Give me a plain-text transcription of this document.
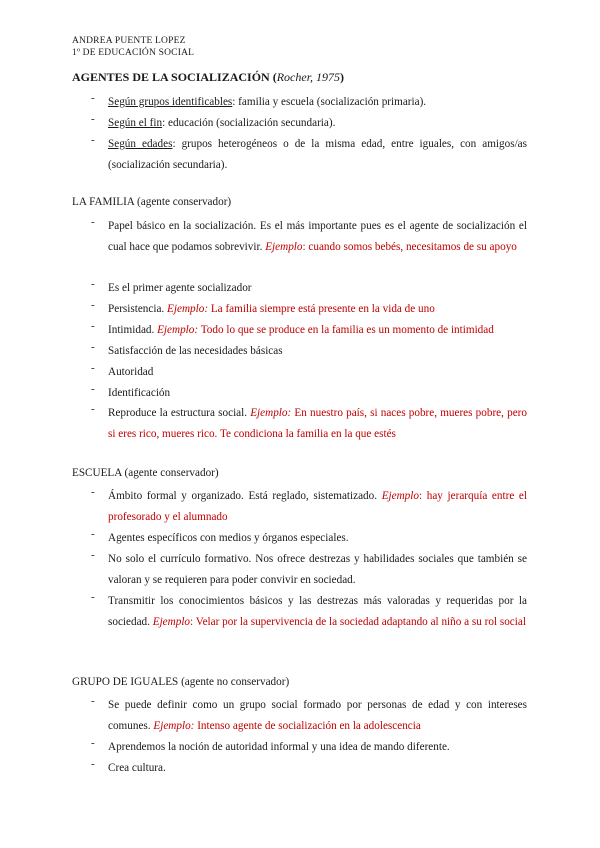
ANDREA PUENTE LOPEZ
1º DE EDUCACIÓN SOCIAL
AGENTES DE LA SOCIALIZACIÓN (Rocher, 1975)
- Según grupos identificables: familia y escuela (socialización primaria).
- Según el fin: educación (socialización secundaria).
- Según edades: grupos heterogéneos o de la misma edad, entre iguales, con amigos/as (socialización secundaria).
LA FAMILIA (agente conservador)
- Papel básico en la socialización. Es el más importante pues es el agente de socialización el cual hace que podamos sobrevivir. Ejemplo: cuando somos bebés, necesitamos de su apoyo
- Es el primer agente socializador
- Persistencia. Ejemplo: La familia siempre está presente en la vida de uno
- Intimidad. Ejemplo: Todo lo que se produce en la familia es un momento de intimidad
- Satisfacción de las necesidades básicas
- Autoridad
- Identificación
- Reproduce la estructura social. Ejemplo: En nuestro país, si naces pobre, mueres pobre, pero si eres rico, mueres rico. Te condiciona la familia en la que estés
ESCUELA (agente conservador)
- Ámbito formal y organizado. Está reglado, sistematizado. Ejemplo: hay jerarquía entre el profesorado y el alumnado
- Agentes específicos con medios y órganos especiales.
- No solo el currículo formativo. Nos ofrece destrezas y habilidades sociales que también se valoran y se requieren para poder convivir en sociedad.
- Transmitir los conocimientos básicos y las destrezas más valoradas y requeridas por la sociedad. Ejemplo: Velar por la supervivencia de la sociedad adaptando al niño a su rol social
GRUPO DE IGUALES (agente no conservador)
- Se puede definir como un grupo social formado por personas de edad y con intereses comunes. Ejemplo: Intenso agente de socialización en la adolescencia
- Aprendemos la noción de autoridad informal y una idea de mando diferente.
- Crea cultura.
